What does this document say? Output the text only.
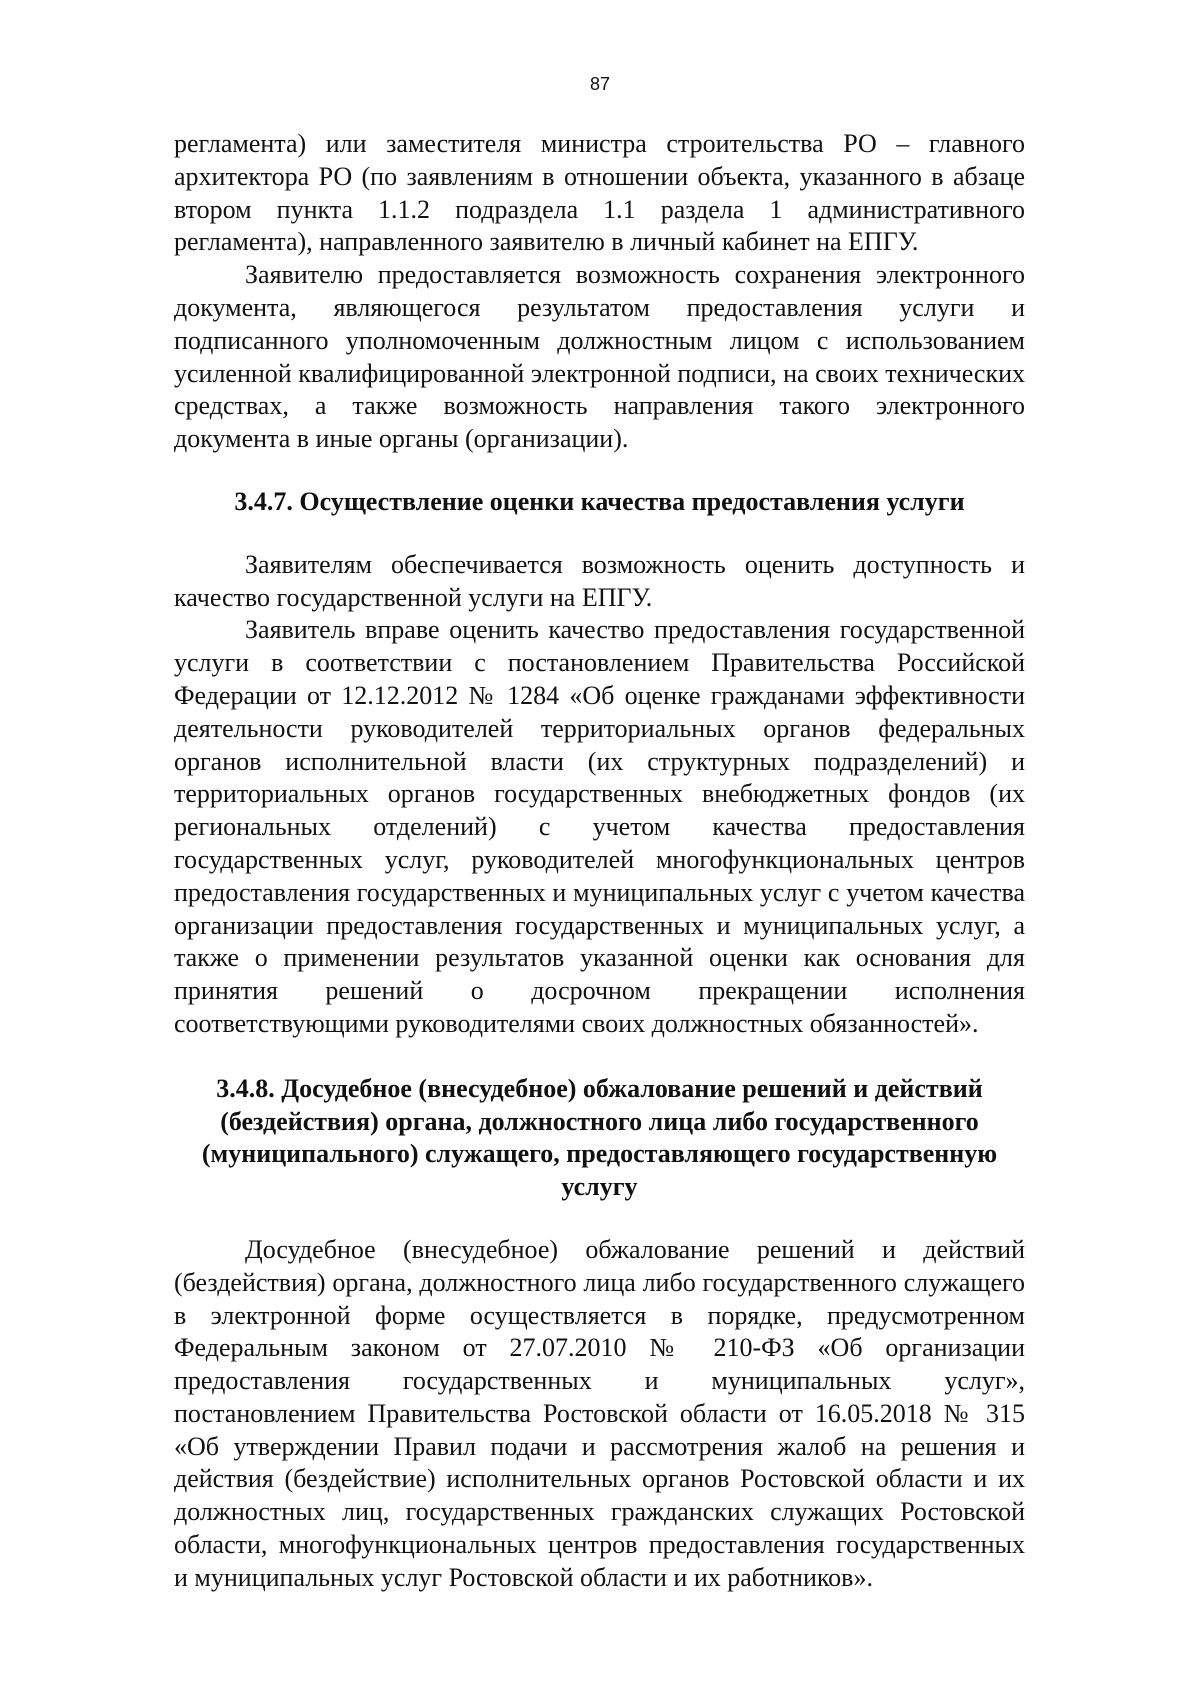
87

регламента) или заместителя министра строительства РО – главного архитектора РО (по заявлениям в отношении объекта, указанного в абзаце втором пункта 1.1.2 подраздела 1.1 раздела 1 административного регламента), направленного заявителю в личный кабинет на ЕПГУ.

Заявителю предоставляется возможность сохранения электронного документа, являющегося результатом предоставления услуги и подписанного уполномоченным должностным лицом с использованием усиленной квалифицированной электронной подписи, на своих технических средствах, а также возможность направления такого электронного документа в иные органы (организации).

3.4.7. Осуществление оценки качества предоставления услуги

Заявителям обеспечивается возможность оценить доступность и качество государственной услуги на ЕПГУ.

Заявитель вправе оценить качество предоставления государственной услуги в соответствии с постановлением Правительства Российской Федерации от 12.12.2012 № 1284 «Об оценке гражданами эффективности деятельности руководителей территориальных органов федеральных органов исполнительной власти (их структурных подразделений) и территориальных органов государственных внебюджетных фондов (их региональных отделений) с учетом качества предоставления государственных услуг, руководителей многофункциональных центров предоставления государственных и муниципальных услуг с учетом качества организации предоставления государственных и муниципальных услуг, а также о применении результатов указанной оценки как основания для принятия решений о досрочном прекращении исполнения соответствующими руководителями своих должностных обязанностей».

3.4.8. Досудебное (внесудебное) обжалование решений и действий (бездействия) органа, должностного лица либо государственного (муниципального) служащего, предоставляющего государственную услугу

Досудебное (внесудебное) обжалование решений и действий (бездействия) органа, должностного лица либо государственного служащего в электронной форме осуществляется в порядке, предусмотренном Федеральным законом от 27.07.2010 № 210-ФЗ «Об организации предоставления государственных и муниципальных услуг», постановлением Правительства Ростовской области от 16.05.2018 № 315 «Об утверждении Правил подачи и рассмотрения жалоб на решения и действия (бездействие) исполнительных органов Ростовской области и их должностных лиц, государственных гражданских служащих Ростовской области, многофункциональных центров предоставления государственных и муниципальных услуг Ростовской области и их работников».
